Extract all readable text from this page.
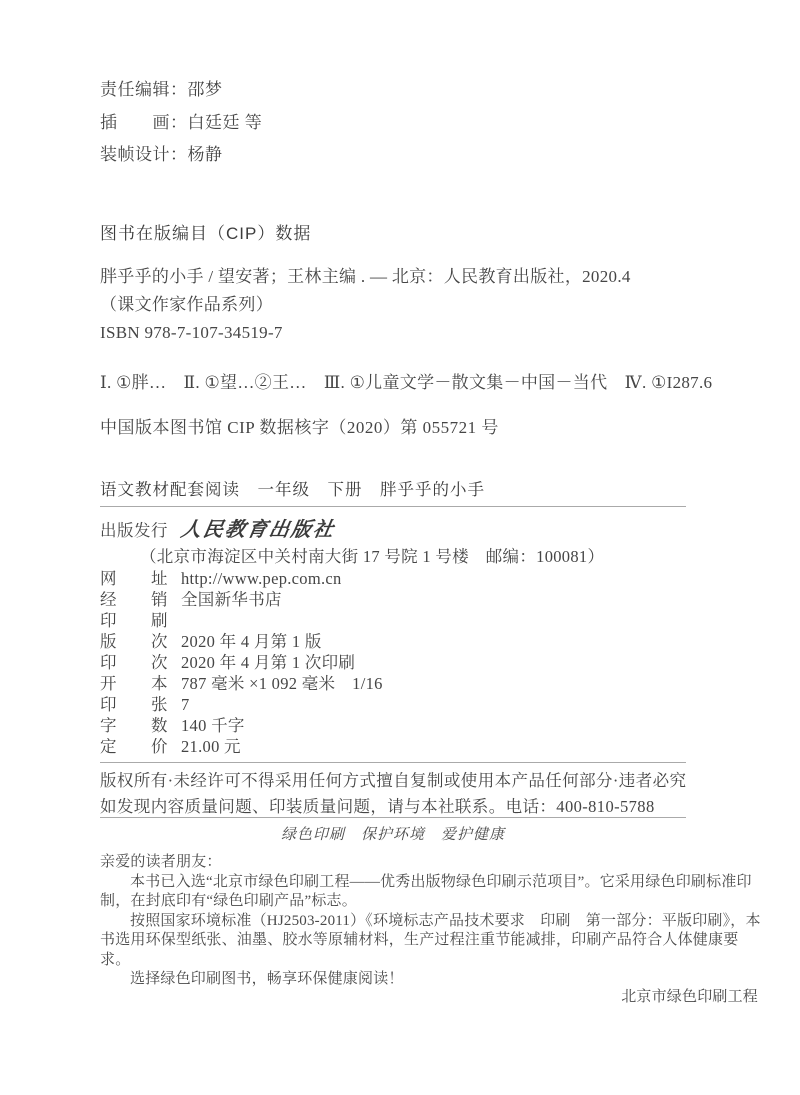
责任编辑：邵梦
插　　画：白廷廷 等
装帧设计：杨静
图书在版编目（CIP）数据
胖乎乎的小手 / 望安著；王林主编 . — 北京：人民教育出版社，2020.4
（课文作家作品系列）
ISBN 978-7-107-34519-7
Ⅰ. ①胖…　Ⅱ. ①望…②王…　Ⅲ. ①儿童文学－散文集－中国－当代　Ⅳ. ①I287.6
中国版本图书馆 CIP 数据核字（2020）第 055721 号
语文教材配套阅读　一年级　下册　胖乎乎的小手
出版发行 人民教育出版社
（北京市海淀区中关村南大街 17 号院 1 号楼　邮编：100081）
网　　址 http://www.pep.com.cn
经　　销 全国新华书店
印　　刷
版　　次 2020 年 4 月第 1 版
印　　次 2020 年 4 月第 1 次印刷
开　　本 787 毫米 ×1 092 毫米　1/16
印　　张 7
字　　数 140 千字
定　　价 21.00 元
版权所有·未经许可不得采用任何方式擅自复制或使用本产品任何部分·违者必究
如发现内容质量问题、印装质量问题，请与本社联系。电话：400-810-5788
绿色印刷　保护环境　爱护健康

亲爱的读者朋友：

本书已入选“北京市绿色印刷工程——优秀出版物绿色印刷示范项目”。它采用绿色印刷标准印制，在封底印有“绿色印刷产品”标志。

按照国家环境标准（HJ2503-2011）《环境标志产品技术要求　印刷　第一部分：平版印刷》，本书选用环保型纸张、油墨、胶水等原辅材料，生产过程注重节能减排，印刷产品符合人体健康要求。

选择绿色印刷图书，畅享环保健康阅读！

北京市绿色印刷工程
